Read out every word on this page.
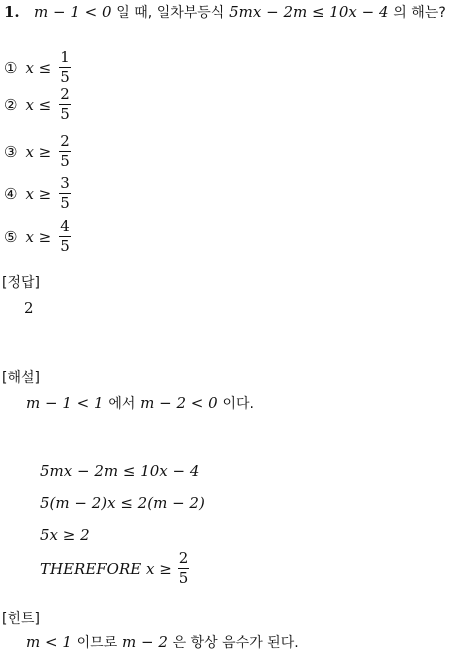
1. m − 1 < 0 일 때, 일차부등식 5mx − 2m ≤ 10x − 4 의 해는?
① $x \le \frac{1}{5}$
② $x \le \frac{2}{5}$
③ $x \ge \frac{2}{5}$
④ $x \ge \frac{3}{5}$
⑤ $x \ge \frac{4}{5}$
[정답]
2
[해설]
m − 1 < 1 에서 m − 2 < 0 이다.
5mx − 2m ≤ 10x − 4
5(m − 2)x ≤ 2(m − 2)
5x ≥ 2
THEREFORE $x \ge \frac{2}{5}$
[힌트]
m < 1 이므로 m − 2 은 항상 음수가 된다.
